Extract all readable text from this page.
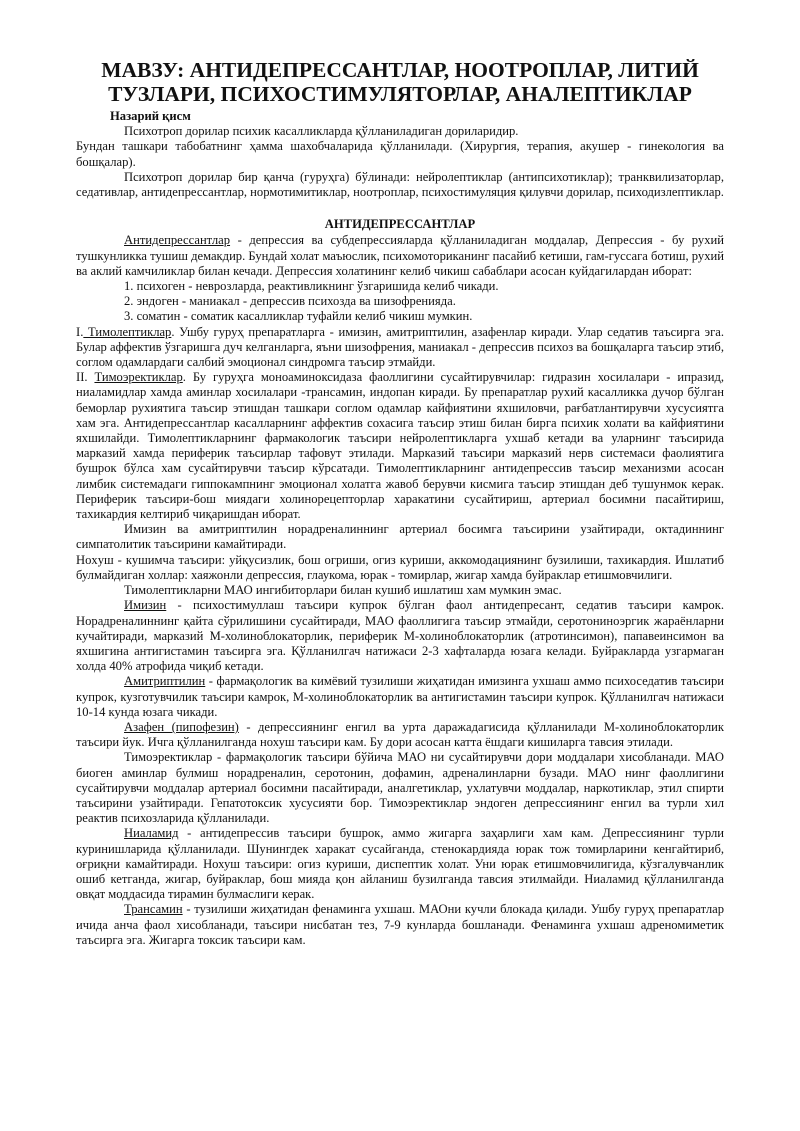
МАВЗУ: АНТИДЕПРЕССАНТЛАР, НООТРОПЛАР, ЛИТИЙ
ТУЗЛАРИ, ПСИХОСТИМУЛЯТОРЛАР, АНАЛЕПТИКЛАР

Назарий қисм

Психотроп дорилар психик касалликларда қўлланиладиган дориларидир.

Бундан ташкари табобатнинг ҳамма шахобчаларида қўлланилади. (Хирургия, терапия, акушер - гинекология ва бошқалар).

Психотроп дорилар бир қанча (гуруҳга) бўлинади: нейролептиклар (антипсихотиклар); транквилизаторлар, седативлар, антидепрессантлар, нормотимитиклар, ноотроплар, психостимуляция қилувчи дорилар, психодизлептиклар.

АНТИДЕПРЕССАНТЛАР

Антидепрессантлар - депрессия ва субдепрессияларда қўлланиладиган моддалар, Депрессия - бу рухий тушкунликка тушиш демакдир. Бундай холат маъюслик, психомоториканинг пасайиб кетиши, гам-гуссага ботиш, рухий ва аклий камчиликлар билан кечади. Депрессия холатининг келиб чикиш сабаблари асосан куйдагилардан иборат:

1. психоген - неврозларда, реактивликнинг ўзгаришида келиб чикади.

2. эндоген - маниакал - депрессив психозда ва шизофренияда.

3. соматин - соматик касалликлар туфайли келиб чикиш мумкин.

I. Тимолептиклар. Ушбу гуруҳ препаратларга - имизин, амитриптилин, азафенлар киради. Улар седатив таъсирга эга. Булар аффектив ўзгаришга дуч келганларга, яъни шизофрения, маниакал - депрессив психоз ва бошқаларга таъсир этиб, соглом одамлардаги салбий эмоционал синдромга таъсир этмайди.

II. Тимоэректиклар. Бу гуруҳга моноаминоксидаза фаоллигини сусайтирувчилар: гидразин хосилалари - ипразид, ниаламидлар хамда аминлар хосилалари -трансамин, индопан киради. Бу препаратлар рухий касалликка дучор бўлган беморлар рухиятига таъсир этишдан ташкари соглом одамлар кайфиятини яхшиловчи, рағбатлантирувчи хусусиятга хам эга. Антидепрессантлар касалларнинг аффектив сохасига таъсир этиш билан бирга психик холати ва кайфиятини яхшилайди. Тимолептикларнинг фармакологик таъсири нейролептикларга ухшаб кетади ва уларнинг таъсирида марказий хамда периферик таъсирлар тафовут этилади. Марказий таъсири марказий нерв системаси фаолиятига бушрок бўлса хам сусайтирувчи таъсир кўрсатади. Тимолептикларнинг антидепрессив таъсир механизми асосан лимбик системадаги гиппокампнинг эмоционал холатга жавоб берувчи кисмига таъсир этишдан деб тушунмок керак. Периферик таъсири-бош миядаги холинорецепторлар харакатини сусайтириш, артериал босимни пасайтириш, тахикардия келтириб чиқаришдан иборат.

Имизин ва амитриптилин норадреналиннинг артериал босимга таъсирини узайтиради, октадиннинг симпатолитик таъсирини камайтиради.

Ноxуш - кушимча таъсири: уйқусизлик, бош огриши, огиз куриши, аккомодациянинг бузилиши, тахикардия. Ишлатиб булмайдиган холлар: хаяжонли депрессия, глаукома, юрак - томирлар, жигар хамда буйраклар етишмовчилиги.

Тимолептикларни МАО ингибиторлари билан кушиб ишлатиш хам мумкин эмас.

Имизин - психостимуллаш таъсири купрок бўлган фаол антидепресант, седатив таъсири камрок. Норадреналиннинг қайта сўрилишини сусайтиради, МАО фаоллигига таъсир этмайди, серотониноэргик жараёнларни кучайтиради, марказий М-холиноблокаторлик, периферик М-холиноблокаторлик (атротинсимон), папавеинсимон ва яхшигина антигистамин таъсирга эга. Қўлланилгач натижаси 2-3 хафталарда юзага келади. Буйракларда узгармаган холда 40% атрофида чиқиб кетади.

Амитриптилин - фармақологик ва кимёвий тузилиши жиҳатидан имизинга ухшаш аммо психоседатив таъсири купрок, кузготувчилик таъсири камрок, М-холиноблокаторлик ва антигистамин таъсири купрок. Қўлланилгач натижаси 10-14 кунда юзага чикади.

Азафен (пипофезин) - депрессиянинг енгил ва урта даражадагисида қўлланилади М-холиноблокаторлик таъсири йук. Ичга қўлланилганда нохуш таъсири кам. Бу дори асосан катта ёшдаги кишиларга тавсия этилади.

Тимоэректиклар - фармақологик таъсири бўйича МАО ни сусайтирувчи дори моддалари хисобланади. МАО биоген аминлар булмиш норадреналин, серотонин, дофамин, адреналинларни бузади. МАО нинг фаоллигини сусайтирувчи моддалар артериал босимни пасайтиради, аналгетиклар, ухлатувчи моддалар, наркотиклар, этил спирти таъсирини узайтиради. Гепатотоксик хусусияти бор. Тимоэректиклар эндоген депрессиянинг енгил ва турли хил реактив психозларида қўлланилади.

Ниаламид - антидепрессив таъсири бушрок, аммо жигарга заҳарлиги хам кам. Депрессиянинг турли куринишларида қўлланилади. Шунингдек харакат сусайганда, стенокардияда юрак тож томирларини кенгайтириб, оғриқни камайтиради. Нохуш таъсири: огиз куриши, диспептик холат. Уни юрак етишмовчилигида, кўзгалувчанлик ошиб кетганда, жигар, буйраклар, бош мияда қон айланиш бузилганда тавсия этилмайди. Ниаламид қўлланилганда овқат моддасида тирамин булмаслиги керак.

Трансамин - тузилиши жиҳатидан фенаминга ухшаш. МАОни кучли блокада қилади. Ушбу гуруҳ препаратлар ичида анча фаол хисобланади, таъсири нисбатан тез, 7-9 кунларда бошланади. Фенаминга ухшаш адреномиметик таъсирга эга. Жигарга токсик таъсири кам.
